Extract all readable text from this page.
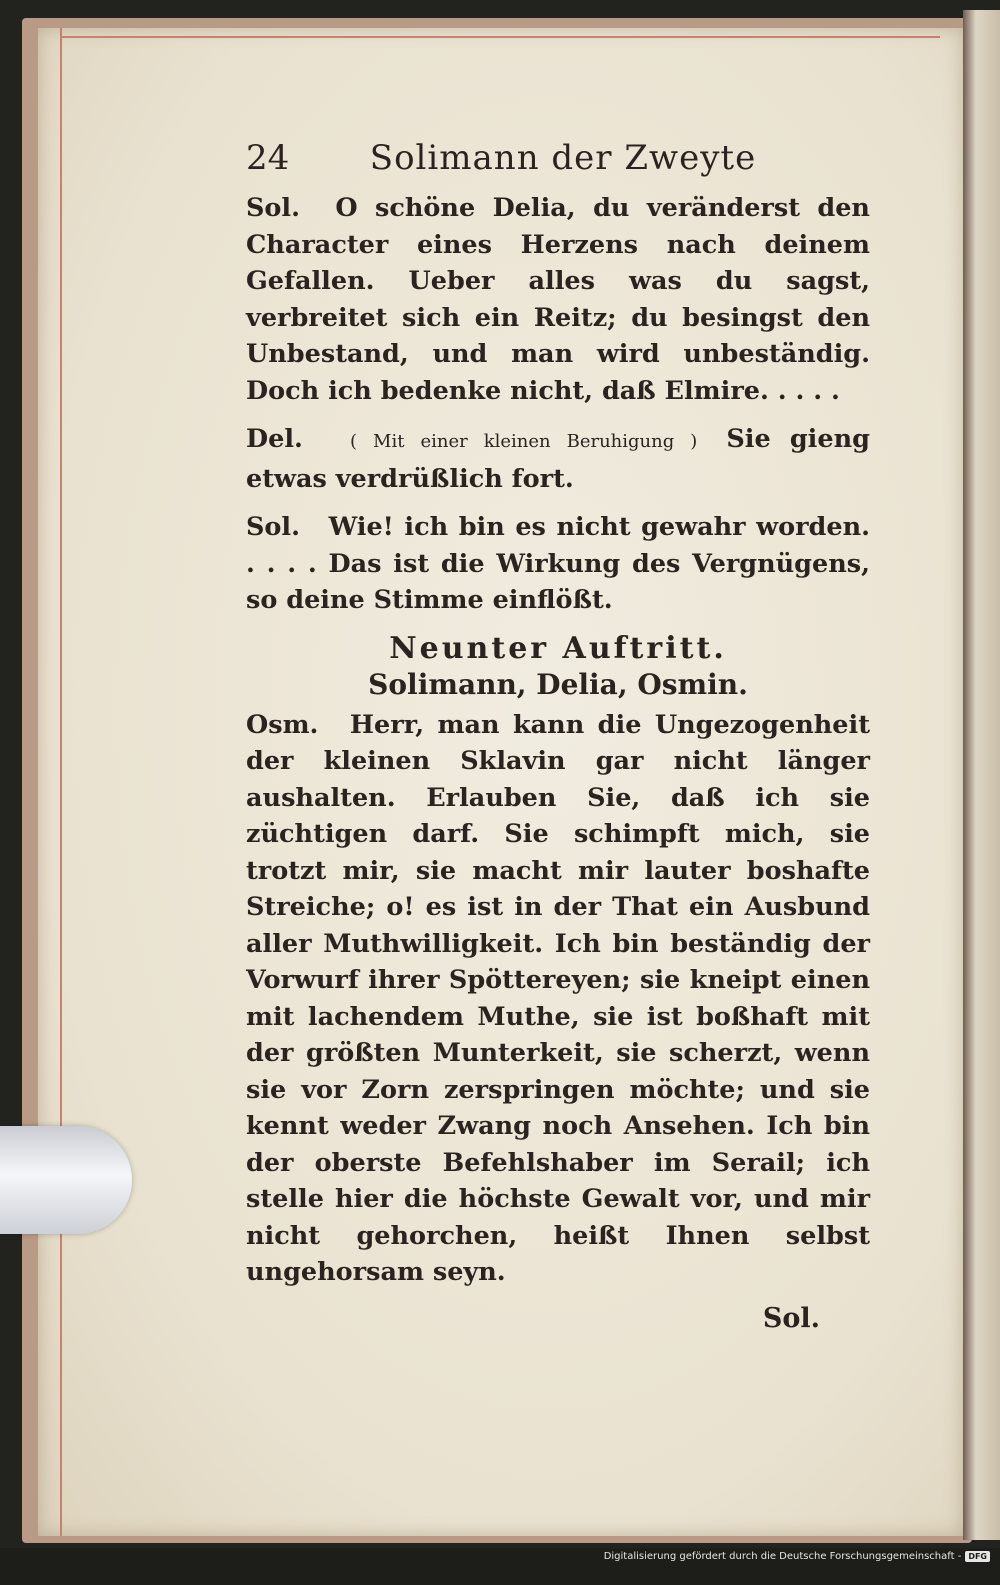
24	Solimann der Zweyte

Sol. O schöne Delia, du veränderst den Character eines Herzens nach deinem Gefallen. Ueber alles was du sagst, verbreitet sich ein Reitz; du besingst den Unbestand, und man wird unbeständig. Doch ich bedenke nicht, daß Elmire. . . . .

Del.	( Mit einer kleinen Beruhigung ) Sie gieng etwas verdrüßlich fort.

Sol. Wie! ich bin es nicht gewahr worden. . . . . Das ist die Wirkung des Vergnügens, so deine Stimme einflößt.

Neunter Auftritt.
Solimann, Delia, Osmin.

Osm. Herr, man kann die Ungezogenheit der kleinen Sklavin gar nicht länger aushalten. Erlauben Sie, daß ich sie züchtigen darf. Sie schimpft mich, sie trotzt mir, sie macht mir lauter boshafte Streiche; o! es ist in der That ein Ausbund aller Muthwilligkeit. Ich bin beständig der Vorwurf ihrer Spöttereyen; sie kneipt einen mit lachendem Muthe, sie ist boßhaft mit der größten Munterkeit, sie scherzt, wenn sie vor Zorn zerspringen möchte; und sie kennt weder Zwang noch Ansehen. Ich bin der oberste Befehlshaber im Serail; ich stelle hier die höchste Gewalt vor, und mir nicht gehorchen, heißt Ihnen selbst ungehorsam seyn.

Sol.
Digitalisierung gefördert durch die Deutsche Forschungsgemeinschaft - DFG
